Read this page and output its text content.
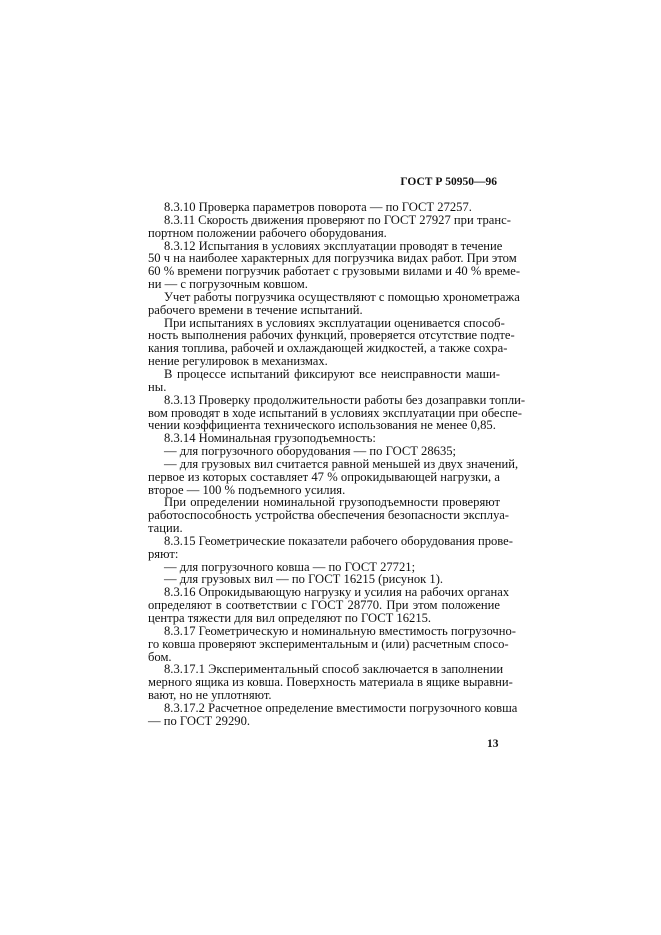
ГОСТ Р 50950—96
8.3.10 Проверка параметров поворота — по ГОСТ 27257.
8.3.11 Скорость движения проверяют по ГОСТ 27927 при транс-
портном положении рабочего оборудования.
8.3.12 Испытания в условиях эксплуатации проводят в течение
50 ч на наиболее характерных для погрузчика видах работ. При этом
60 % времени погрузчик работает с грузовыми вилами и 40 % време-
ни — с погрузочным ковшом.
Учет работы погрузчика осуществляют с помощью хронометража
рабочего времени в течение испытаний.
При испытаниях в условиях эксплуатации оценивается способ-
ность выполнения рабочих функций, проверяется отсутствие подте-
кания топлива, рабочей и охлаждающей жидкостей, а также сохра-
нение регулировок в механизмах.
В процессе испытаний фиксируют все неисправности маши-
ны.
8.3.13 Проверку продолжительности работы без дозаправки топли-
вом проводят в ходе испытаний в условиях эксплуатации при обеспе-
чении коэффициента технического использования не менее 0,85.
8.3.14 Номинальная грузоподъемность:
— для погрузочного оборудования — по ГОСТ 28635;
— для грузовых вил считается равной меньшей из двух значений,
первое из которых составляет 47 % опрокидывающей нагрузки, а
второе — 100 % подъемного усилия.
При определении номинальной грузоподъемности проверяют
работоспособность устройства обеспечения безопасности эксплуа-
тации.
8.3.15 Геометрические показатели рабочего оборудования прове-
ряют:
— для погрузочного ковша — по ГОСТ 27721;
— для грузовых вил — по ГОСТ 16215 (рисунок 1).
8.3.16 Опрокидывающую нагрузку и усилия на рабочих органах
определяют в соответствии с ГОСТ 28770. При этом положение
центра тяжести для вил определяют по ГОСТ 16215.
8.3.17 Геометрическую и номинальную вместимость погрузочно-
го ковша проверяют экспериментальным и (или) расчетным спосо-
бом.
8.3.17.1 Экспериментальный способ заключается в заполнении
мерного ящика из ковша. Поверхность материала в ящике выравни-
вают, но не уплотняют.
8.3.17.2 Расчетное определение вместимости погрузочного ковша
— по ГОСТ 29290.
13
